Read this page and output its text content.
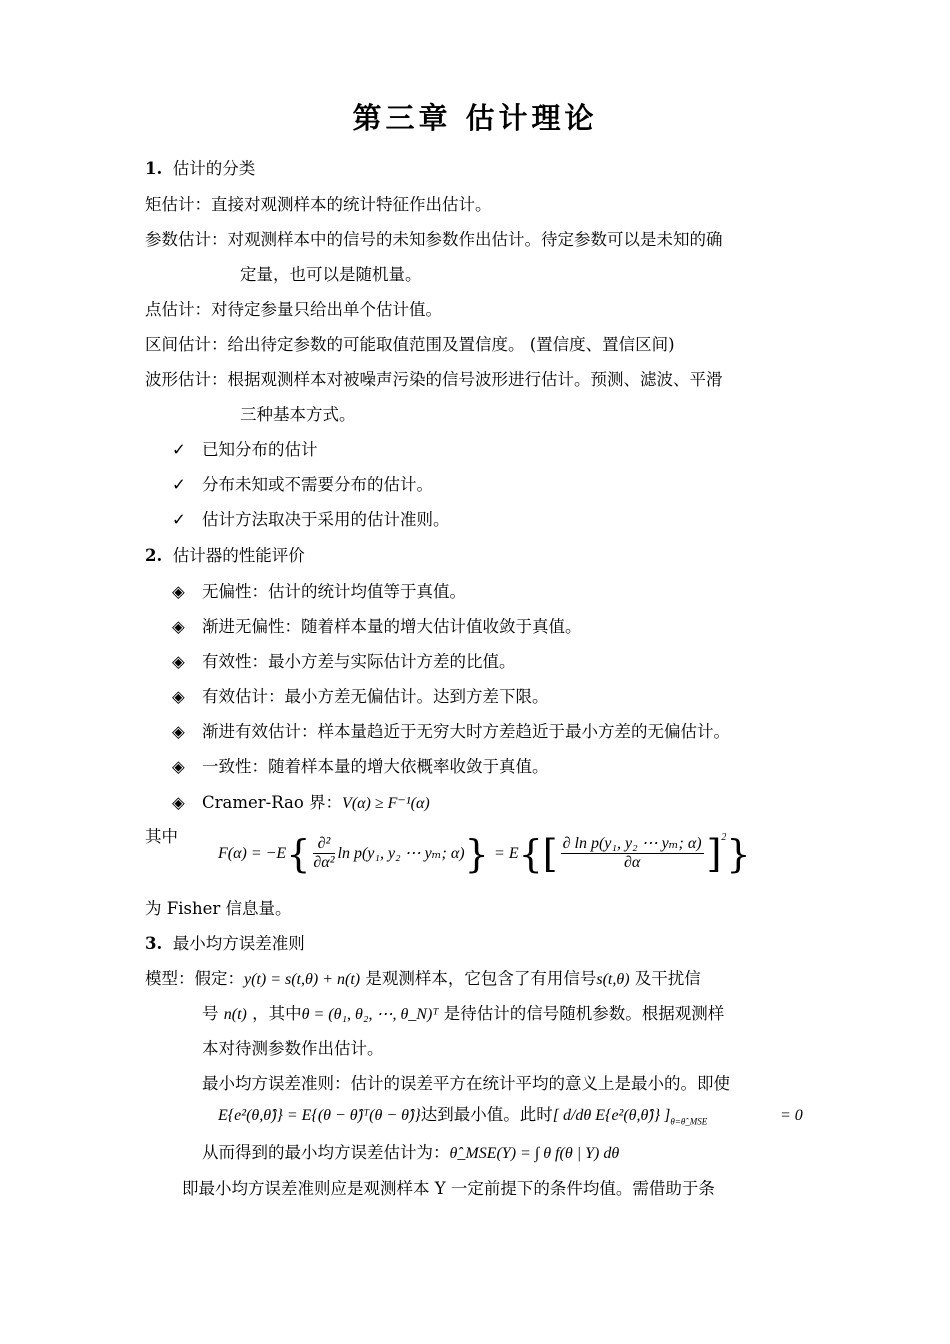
第三章 估计理论
1. 估计的分类
矩估计：直接对观测样本的统计特征作出估计。
参数估计：对观测样本中的信号的未知参数作出估计。待定参数可以是未知的确
定量，也可以是随机量。
点估计：对待定参量只给出单个估计值。
区间估计：给出待定参数的可能取值范围及置信度。 (置信度、置信区间)
波形估计：根据观测样本对被噪声污染的信号波形进行估计。预测、滤波、平滑
三种基本方式。
✓ 已知分布的估计
✓ 分布未知或不需要分布的估计。
✓ 估计方法取决于采用的估计准则。
2. 估计器的性能评价
◈ 无偏性：估计的统计均值等于真值。
◈ 渐进无偏性：随着样本量的增大估计值收敛于真值。
◈ 有效性：最小方差与实际估计方差的比值。
◈ 有效估计：最小方差无偏估计。达到方差下限。
◈ 渐进有效估计：样本量趋近于无穷大时方差趋近于最小方差的无偏估计。
◈ 一致性：随着样本量的增大依概率收敛于真值。
◈ Cramer-Rao 界：V(α) ≥ F⁻¹(α)
其中
$F(\alpha) = -E\{ \frac{\text{∂²}}{\text{∂α²}}$ ln p(y₁, y₂ ⋯ yₘ; $\alpha)\} = E\{[ \frac{\text{∂ ln p(y₁, y₂ ⋯ yₘ; α)}}{\partial\alpha} ]^2\}$
为 Fisher 信息量。
3. 最小均方误差准则
模型：假定：y(t) = s(t,θ) + n(t) 是观测样本，它包含了有用信号s(t,θ) 及干扰信
号 n(t) ，其中θ = (θ₁, θ₂, ⋯, θ_N)ᵀ 是待估计的信号随机参数。根据观测样
本对待测参数作出估计。
最小均方误差准则：估计的误差平方在统计平均的意义上是最小的。即使
E{e²(θ,θ̂)} = E{(θ − θ̂)ᵀ(θ − θ̂)}达到最小值。此时[ d/dθ E{e²(θ,θ̂)} ]$_{\theta=\thetâ\_MSE}$	= 0
从而得到的最小均方误差估计为：θ̂_MSE(Y) = ∫ θ f(θ | Y) dθ
即最小均方误差准则应是观测样本 Y 一定前提下的条件均值。需借助于条
